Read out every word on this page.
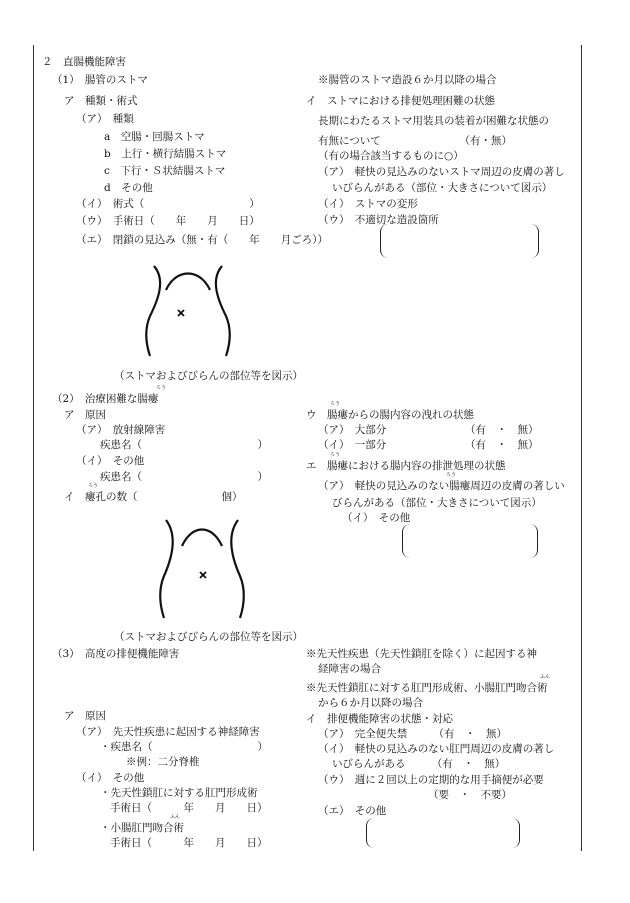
２　直腸機能障害
（1）　腸管のストマ
ア　種類・術式
（ア）　種類
a　空腸・回腸ストマ
b　上行・横行結腸ストマ
c　下行・Ｓ状結腸ストマ
d　その他
（イ）　術式（　　　　　　　　　　）
（ウ）　手術日（　　年　　月　　日）
（エ）　閉鎖の見込み（無・有（　　年　　月ごろ））
（ストマおよびびらんの部位等を図示）
※腸管のストマ造設６か月以降の場合
イ　ストマにおける排便処理困難の状態
長期にわたるストマ用装具の装着が困難な状態の
有無について　　　　　　　　（有・無）
（有の場合該当するものに○）
（ア）　軽快の見込みのないストマ周辺の皮膚の著し
いびらんがある（部位・大きさについて図示）
（イ）　ストマの変形
（ウ）　不適切な造設箇所
（2）　治療困難な腸瘻
ろう
ア　原因
（ア）　放射線障害
疾患名（　　　　　　　　　　　）
（イ）　その他
疾患名（　　　　　　　　　　　）
イ　瘻孔の数（　　　　　　　　個）
ろう
（ストマおよびびらんの部位等を図示）
ウ　腸瘻からの腸内容の洩れの状態
ろう
（ア）　大部分　　　　　　　　（有　・　無）
（イ）　一部分　　　　　　　　（有　・　無）
エ　腸瘻における腸内容の排泄処理の状態
ろう
（ア）　軽快の見込みのない腸瘻周辺の皮膚の著しい
ろう
びらんがある（部位・大きさについて図示）
（イ）　その他
（3）　高度の排便機能障害
ア　原因
（ア）　先天性疾患に起因する神経障害
・疾患名（　　　　　　　　　　）
※例：二分脊椎
（イ）　その他
・先天性鎖肛に対する肛門形成術
手術日（　　　年　　月　　日）
・小腸肛門吻合術
ふん
手術日（　　　年　　月　　日）
※先天性疾患（先天性鎖肛を除く）に起因する神
経障害の場合
※先天性鎖肛に対する肛門形成術、小腸肛門吻合術
ふん
から６か月以降の場合
イ　排便機能障害の状態・対応
（ア）　完全便失禁　　　（有　・　無）
（イ）　軽快の見込みのない肛門周辺の皮膚の著し
いびらんがある　　　（有　・　無）
（ウ）　週に２回以上の定期的な用手摘便が必要
（要　・　不要）
（エ）　その他
